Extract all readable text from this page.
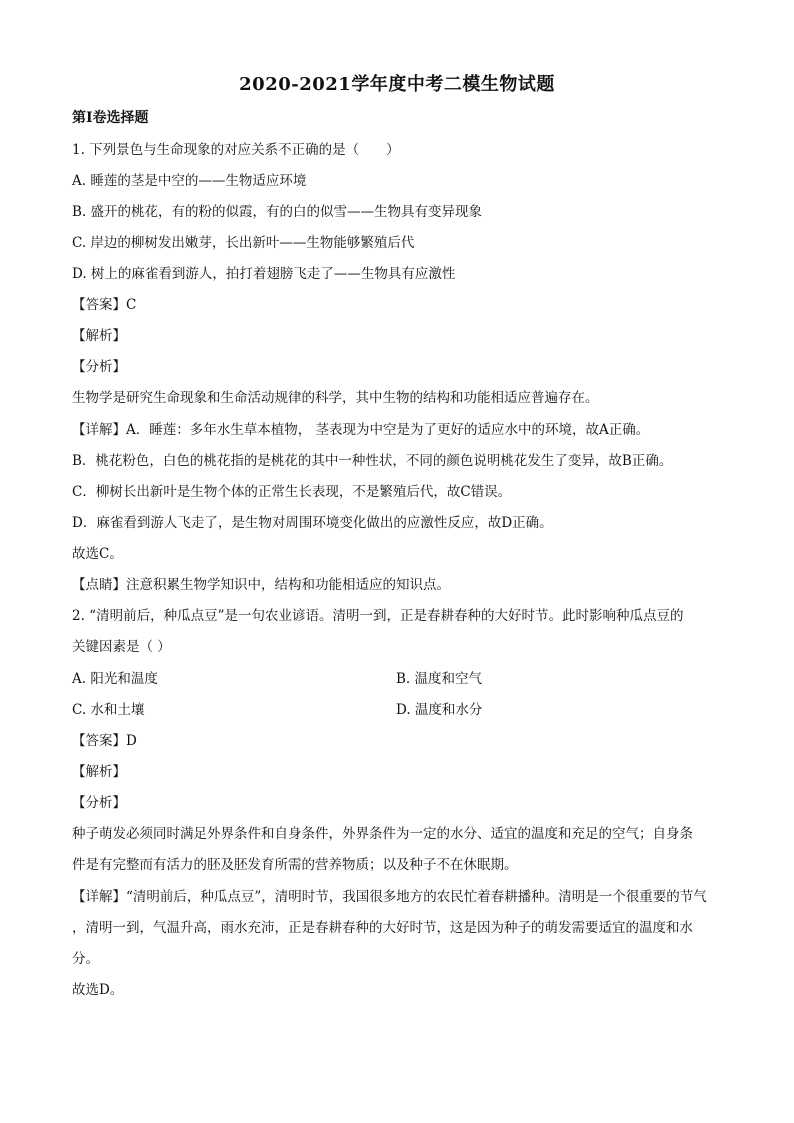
2020-2021学年度中考二模生物试题
第I卷选择题
1. 下列景色与生命现象的对应关系不正确的是（　　）
A. 睡莲的茎是中空的——生物适应环境
B. 盛开的桃花，有的粉的似霞，有的白的似雪——生物具有变异现象
C. 岸边的柳树发出嫩芽，长出新叶——生物能够繁殖后代
D. 树上的麻雀看到游人，拍打着翅膀飞走了——生物具有应激性
【答案】C
【解析】
【分析】
生物学是研究生命现象和生命活动规律的科学，其中生物的结构和功能相适应普遍存在。
【详解】A．睡莲：多年水生草本植物， 茎表现为中空是为了更好的适应水中的环境，故A正确。
B．桃花粉色，白色的桃花指的是桃花的其中一种性状，不同的颜色说明桃花发生了变异，故B正确。
C．柳树长出新叶是生物个体的正常生长表现，不是繁殖后代，故C错误。
D．麻雀看到游人飞走了，是生物对周围环境变化做出的应激性反应，故D正确。
故选C。
【点睛】注意积累生物学知识中，结构和功能相适应的知识点。
2. “清明前后，种瓜点豆”是一句农业谚语。清明一到，正是春耕春种的大好时节。此时影响种瓜点豆的
关键因素是（ ）
A. 阳光和温度	B. 温度和空气
C. 水和土壤	D. 温度和水分
【答案】D
【解析】
【分析】
种子萌发必须同时满足外界条件和自身条件，外界条件为一定的水分、适宜的温度和充足的空气；自身条
件是有完整而有活力的胚及胚发育所需的营养物质；以及种子不在休眠期。
【详解】“清明前后，种瓜点豆”，清明时节，我国很多地方的农民忙着春耕播种。清明是一个很重要的节气
，清明一到，气温升高，雨水充沛，正是春耕春种的大好时节，这是因为种子的萌发需要适宜的温度和水
分。
故选D。
